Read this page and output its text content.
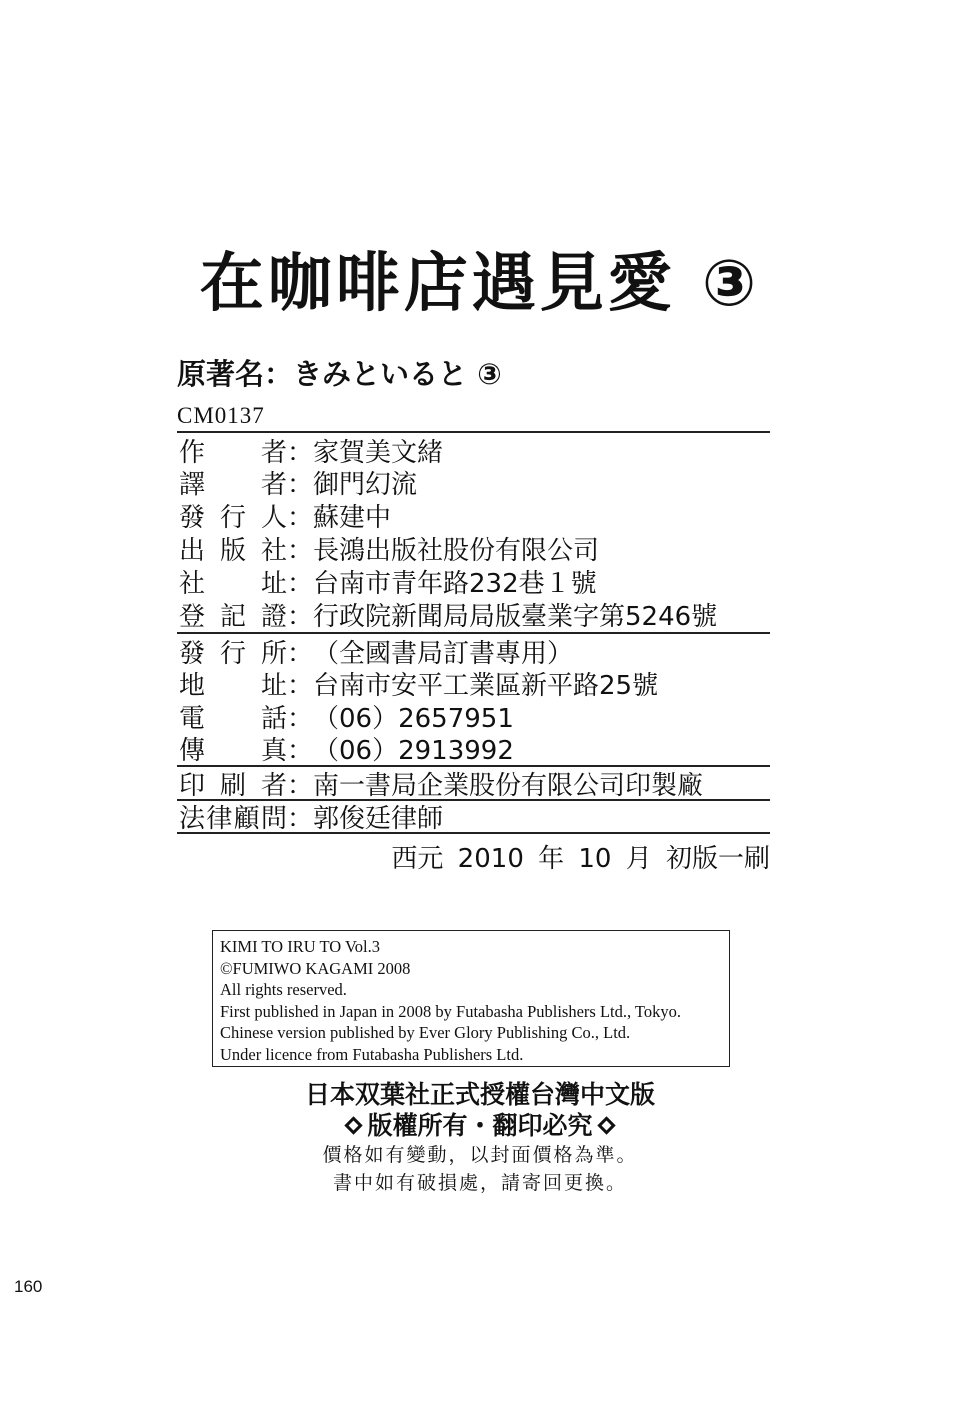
在咖啡店遇見愛 ③
原著名：きみといると ③
CM0137
作 者 ： 家賀美文緒
譯 者 ： 御門幻流
發 行 人 ： 蘇建中
出 版 社 ： 長鴻出版社股份有限公司
社 址 ： 台南市青年路232巷１號
登 記 證 ： 行政院新聞局局版臺業字第5246號
發 行 所 ： （全國書局訂書專用）
地 址 ： 台南市安平工業區新平路25號
電 話 ： （06）2657951
傳 真 ： （06）2913992
印 刷 者 ： 南一書局企業股份有限公司印製廠
法 律 顧 問 ： 郭俊廷律師
西元 2010 年 10 月 初版一刷
KIMI TO IRU TO Vol.3
©FUMIWO KAGAMI 2008
All rights reserved.
First published in Japan in 2008 by Futabasha Publishers Ltd., Tokyo.
Chinese version published by Ever Glory Publishing Co., Ltd.
Under licence from Futabasha Publishers Ltd.
日本双葉社正式授權台灣中文版
版權所有・翻印必究
價格如有變動，以封面價格為準。
書中如有破損處，請寄回更換。
160
